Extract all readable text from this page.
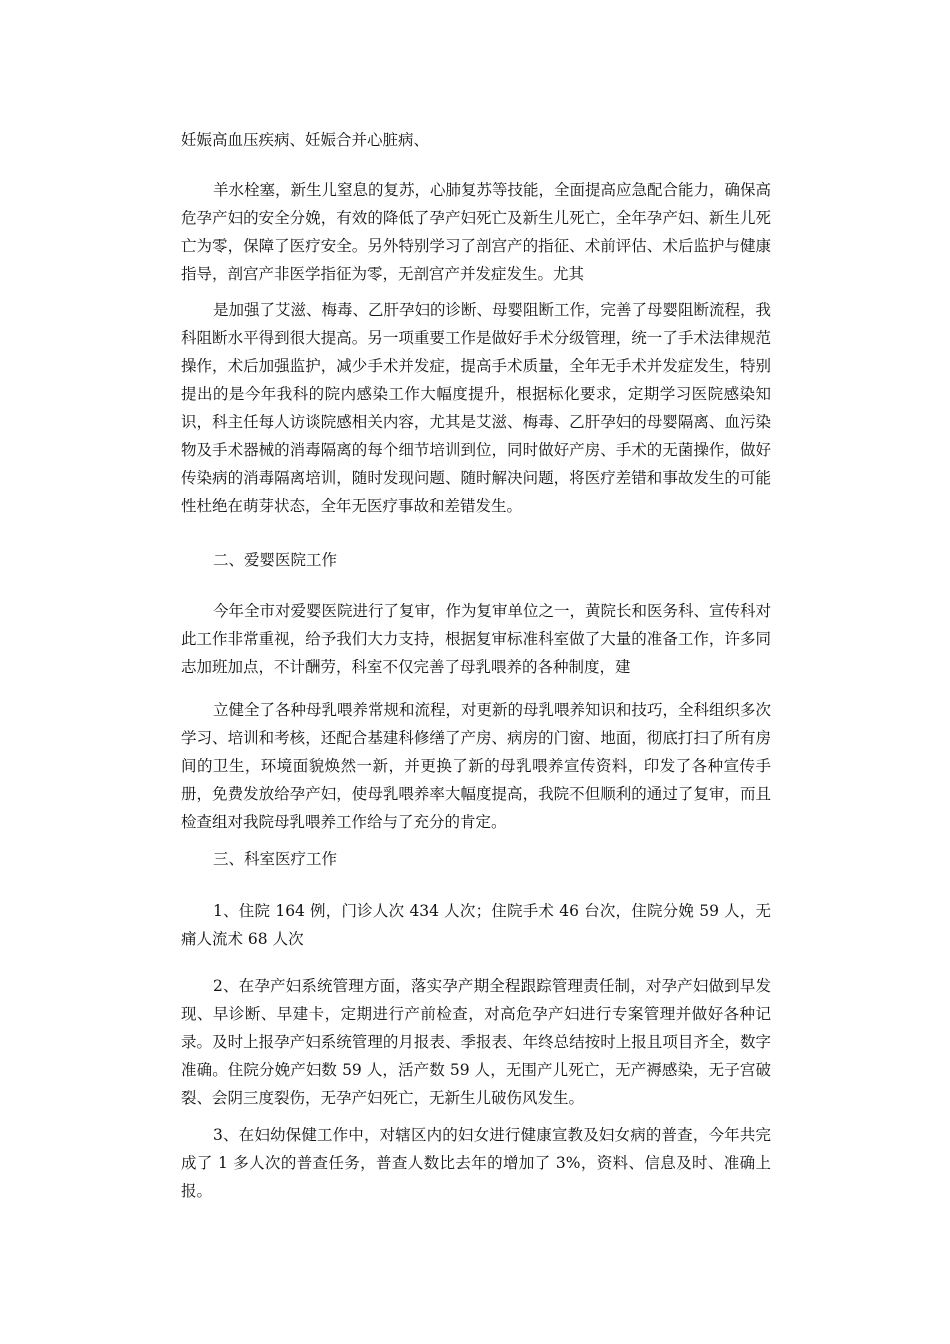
妊娠高血压疾病、妊娠合并心脏病、

羊水栓塞，新生儿窒息的复苏，心肺复苏等技能，全面提高应急配合能力，确保高危孕产妇的安全分娩，有效的降低了孕产妇死亡及新生儿死亡，全年孕产妇、新生儿死亡为零，保障了医疗安全。另外特别学习了剖宫产的指征、术前评估、术后监护与健康指导，剖宫产非医学指征为零，无剖宫产并发症发生。尤其

是加强了艾滋、梅毒、乙肝孕妇的诊断、母婴阻断工作，完善了母婴阻断流程，我科阻断水平得到很大提高。另一项重要工作是做好手术分级管理，统一了手术法律规范操作，术后加强监护，减少手术并发症，提高手术质量，全年无手术并发症发生，特别提出的是今年我科的院内感染工作大幅度提升，根据标化要求，定期学习医院感染知识，科主任每人访谈院感相关内容，尤其是艾滋、梅毒、乙肝孕妇的母婴隔离、血污染物及手术器械的消毒隔离的每个细节培训到位，同时做好产房、手术的无菌操作，做好传染病的消毒隔离培训，随时发现问题、随时解决问题，将医疗差错和事故发生的可能性杜绝在萌芽状态，全年无医疗事故和差错发生。

二、爱婴医院工作

今年全市对爱婴医院进行了复审，作为复审单位之一，黄院长和医务科、宣传科对此工作非常重视，给予我们大力支持，根据复审标准科室做了大量的准备工作，许多同志加班加点，不计酬劳，科室不仅完善了母乳喂养的各种制度，建

立健全了各种母乳喂养常规和流程，对更新的母乳喂养知识和技巧，全科组织多次学习、培训和考核，还配合基建科修缮了产房、病房的门窗、地面，彻底打扫了所有房间的卫生，环境面貌焕然一新，并更换了新的母乳喂养宣传资料，印发了各种宣传手册，免费发放给孕产妇，使母乳喂养率大幅度提高，我院不但顺利的通过了复审，而且检查组对我院母乳喂养工作给与了充分的肯定。

三、科室医疗工作

1、住院 164 例，门诊人次 434 人次；住院手术 46 台次，住院分娩 59 人，无痛人流术 68 人次

2、在孕产妇系统管理方面，落实孕产期全程跟踪管理责任制，对孕产妇做到早发现、早诊断、早建卡，定期进行产前检查，对高危孕产妇进行专案管理并做好各种记录。及时上报孕产妇系统管理的月报表、季报表、年终总结按时上报且项目齐全，数字准确。住院分娩产妇数 59 人，活产数 59 人，无围产儿死亡，无产褥感染，无子宫破裂、会阴三度裂伤，无孕产妇死亡，无新生儿破伤风发生。

3、在妇幼保健工作中，对辖区内的妇女进行健康宣教及妇女病的普查，今年共完成了 1 多人次的普查任务，普查人数比去年的增加了 3%，资料、信息及时、准确上报。
